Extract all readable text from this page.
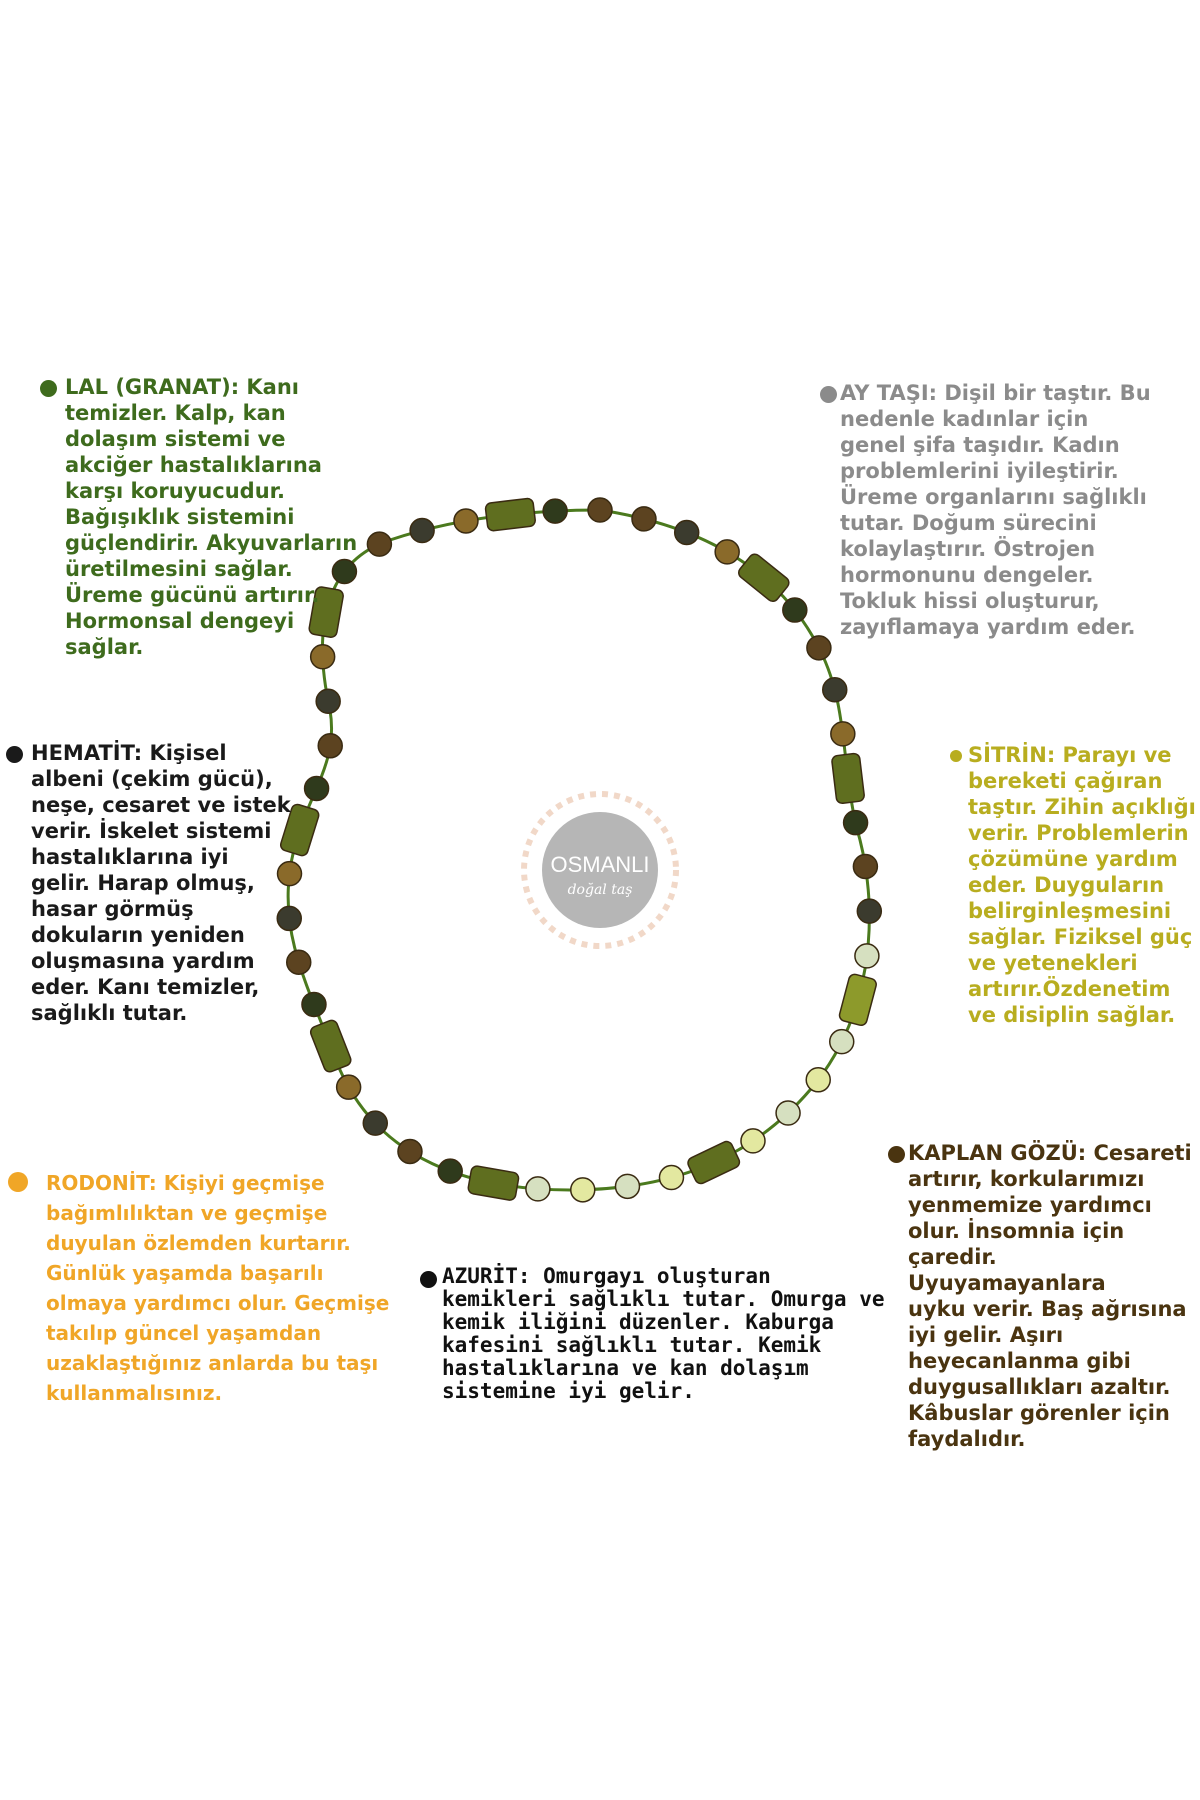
OSMANLI
doğal taş

LAL (GRANAT): Kanı
temizler. Kalp, kan
dolaşım sistemi ve
akciğer hastalıklarına
karşı koruyucudur.
Bağışıklık sistemini
güçlendirir. Akyuvarların
üretilmesini sağlar.
Üreme gücünü artırır.
Hormonsal dengeyi
sağlar.

HEMATİT: Kişisel
albeni (çekim gücü),
neşe, cesaret ve istek
verir. İskelet sistemi
hastalıklarına iyi
gelir. Harap olmuş,
hasar görmüş
dokuların yeniden
oluşmasına yardım
eder. Kanı temizler,
sağlıklı tutar.

RODONİT: Kişiyi geçmişe
bağımlılıktan ve geçmişe
duyulan özlemden kurtarır.
Günlük yaşamda başarılı
olmaya yardımcı olur. Geçmişe
takılıp güncel yaşamdan
uzaklaştığınız anlarda bu taşı
kullanmalısınız.

AY TAŞI: Dişil bir taştır. Bu
nedenle kadınlar için
genel şifa taşıdır. Kadın
problemlerini iyileştirir.
Üreme organlarını sağlıklı
tutar. Doğum sürecini
kolaylaştırır. Östrojen
hormonunu dengeler.
Tokluk hissi oluşturur,
zayıflamaya yardım eder.

SİTRİN: Parayı ve
bereketi çağıran
taştır. Zihin açıklığı
verir. Problemlerin
çözümüne yardım
eder. Duyguların
belirginleşmesini
sağlar. Fiziksel güç
ve yetenekleri
artırır.Özdenetim
ve disiplin sağlar.

KAPLAN GÖZÜ: Cesareti
artırır, korkularımızı
yenmemize yardımcı
olur. İnsomnia için
çaredir. Uyuyamayanlara
uyku verir. Baş ağrısına
iyi gelir. Aşırı
heyecanlanma gibi
duygusallıkları azaltır.
Kâbuslar görenler için
faydalıdır.

AZURİT: Omurgayı oluşturan
kemikleri sağlıklı tutar. Omurga ve
kemik iliğini düzenler. Kaburga
kafesini sağlıklı tutar. Kemik
hastalıklarına ve kan dolaşım
sistemine iyi gelir.
